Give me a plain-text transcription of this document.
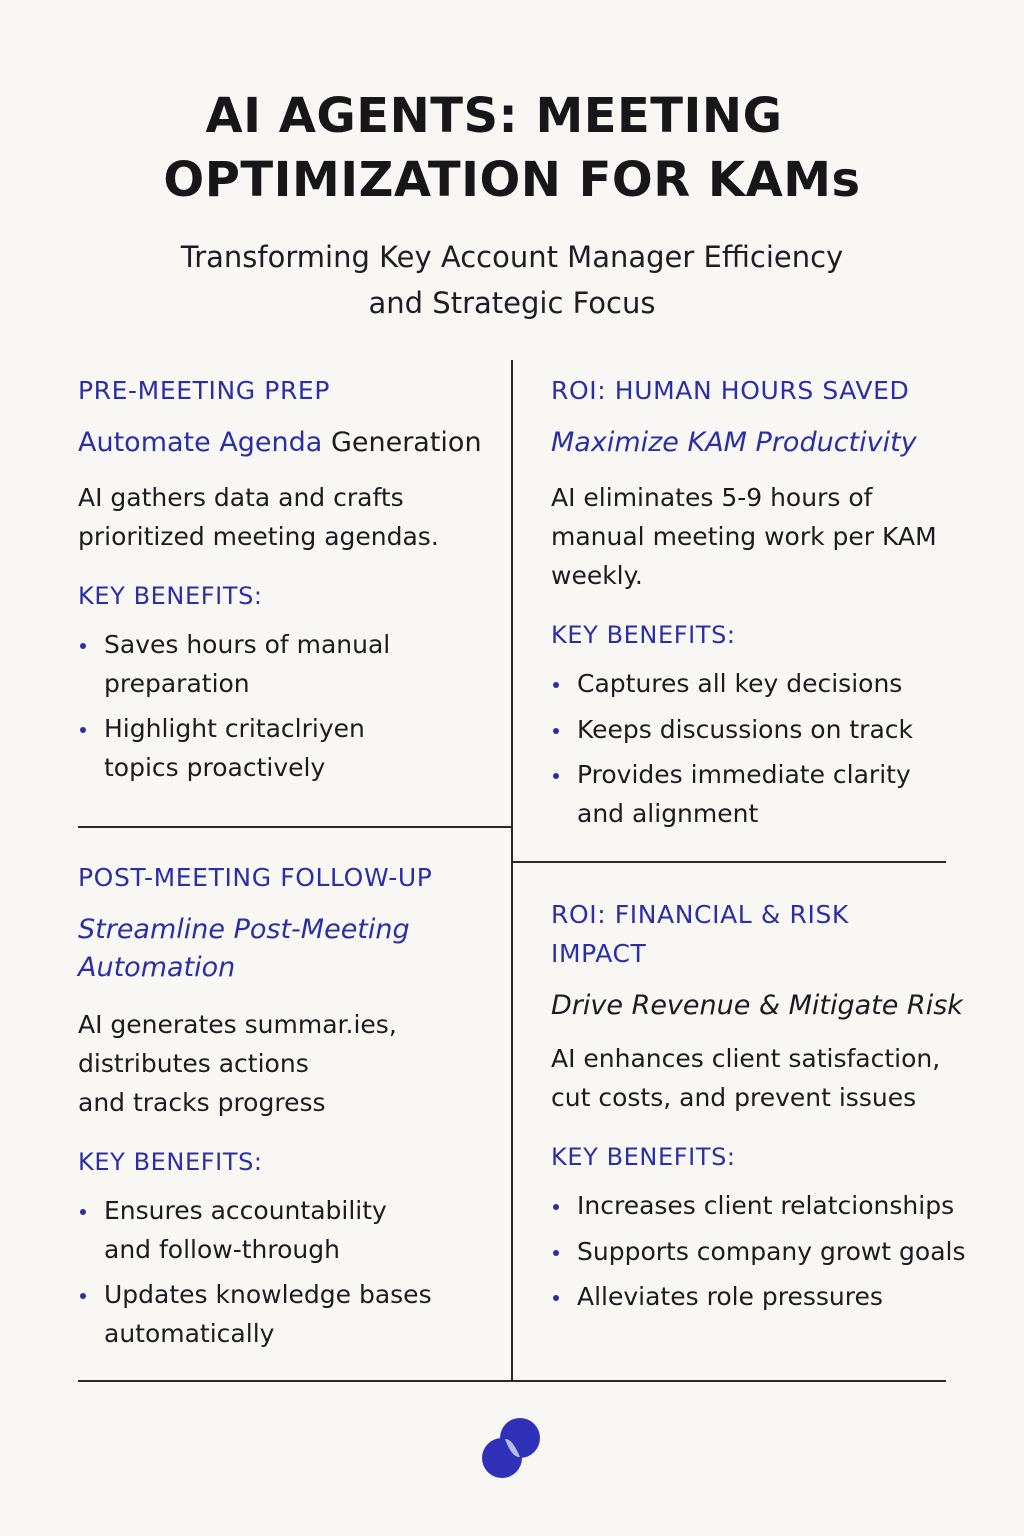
AI AGENTS: MEETING
OPTIMIZATION FOR KAMs
Transforming Key Account Manager Efficiency
and Strategic Focus
PRE-MEETING PREP
Automate Agenda Generation
AI gathers data and crafts
prioritized meeting agendas.
KEY BENEFITS:
Saves hours of manual
preparation
Highlight critaclriyen
topics proactively
ROI: HUMAN HOURS SAVED
Maximize KAM Productivity
AI eliminates 5-9 hours of
manual meeting work per KAM
weekly.
KEY BENEFITS:
Captures all key decisions
Keeps discussions on track
Provides immediate clarity
and alignment
POST-MEETING FOLLOW-UP
Streamline Post-Meeting
Automation
AI generates summar.ies,
distributes actions
and tracks progress
KEY BENEFITS:
Ensures accountability
and follow-through
Updates knowledge bases
automatically
ROI: FINANCIAL & RISK
IMPACT
Drive Revenue & Mitigate Risk
AI enhances client satisfaction,
cut costs, and prevent issues
KEY BENEFITS:
Increases client relatcionships
Supports company growt goals
Alleviates role pressures
